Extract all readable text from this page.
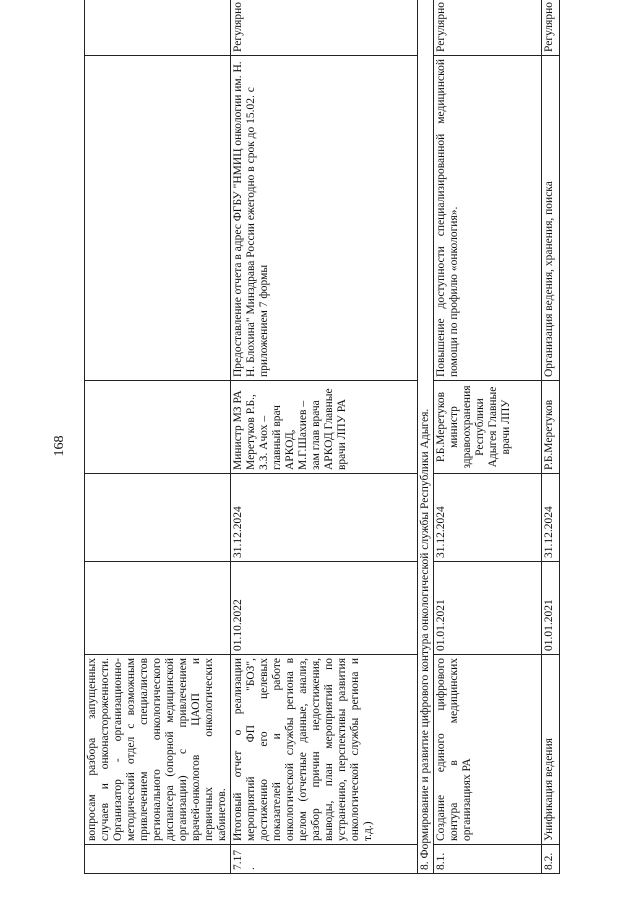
168
	вопросам разбора запущенных случаев и онконастороженности. Организатор - организационно-методический отдел с возможным привлечением специалистов регионального онкологического диспансера (опорной медицинской организации) с привлечением врачей-онкологов ЦАОП и первичных онкологических кабинетов.					
7.17 .	Итоговый отчет о реализации мероприятий ФП "БОЗ", достижению его целевых показателей и работе онкологической службы региона в целом (отчетные данные, анализ, разбор причин недостижения, выводы, план мероприятий по устранению, перспективы развития онкологической службы региона и т.д.)	01.10.2022	31.12.2024	Министр МЗ РА Меретуков Р.Б., З.З. Ачох – главный врач АРКОД, М.Г.Шахиев – зам глав врача АРКОД Главные врачи ЛПУ РА	Предоставление отчета в адрес ФГБУ "НМИЦ онкологии им. Н. Н. Блохина" Минздрава России ежегодно в срок до 15.02. с приложением 7 формы	Регулярно
8. Формирование и развитие цифрового контура онкологической службы Республики Адыгея.						
8.1.	Создание единого цифрового контура в медицинских организациях РА	01.01.2021	31.12.2024	Р.Б.Меретуков министр здравоохранения Республики Адыгея Главные врачи ЛПУ	Повышение доступности специализированной медицинской помощи по профилю «онкология».	Регулярно
8.2.	Унификация ведения	01.01.2021	31.12.2024	Р.Б.Меретуков	Организация ведения, хранения, поиска	Регулярно
